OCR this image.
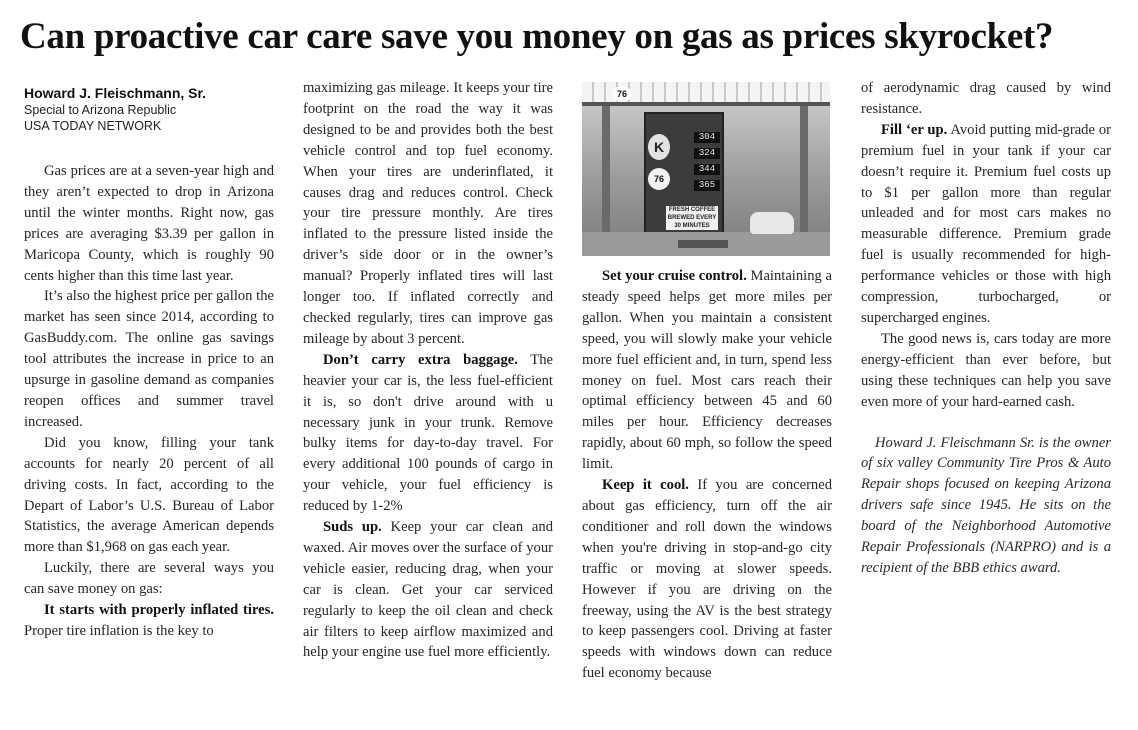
Can proactive car care save you money on gas as prices skyrocket?
Howard J. Fleischmann, Sr.
Special to Arizona Republic
USA TODAY NETWORK

Gas prices are at a seven-year high and they aren’t expected to drop in Arizona until the winter months. Right now, gas prices are averaging $3.39 per gallon in Maricopa County, which is roughly 90 cents higher than this time last year.

It’s also the highest price per gallon the market has seen since 2014, according to GasBuddy.com. The online gas savings tool attributes the increase in price to an upsurge in gasoline demand as companies reopen offices and summer travel increased.

Did you know, filling your tank accounts for nearly 20 percent of all driving costs. In fact, according to the Depart of Labor’s U.S. Bureau of Labor Statistics, the average American depends more than $1,968 on gas each year.

Luckily, there are several ways you can save money on gas:

It starts with properly inflated tires. Proper tire inflation is the key to

maximizing gas mileage. It keeps your tire footprint on the road the way it was designed to be and provides both the best vehicle control and top fuel economy. When your tires are underinflated, it causes drag and reduces control. Check your tire pressure monthly. Are tires inflated to the pressure listed inside the driver’s side door or in the owner’s manual? Properly inflated tires will last longer too. If inflated correctly and checked regularly, tires can improve gas mileage by about 3 percent.

Don’t carry extra baggage. The heavier your car is, the less fuel-efficient it is, so don't drive around with u necessary junk in your trunk. Remove bulky items for day-to-day travel. For every additional 100 pounds of cargo in your vehicle, your fuel efficiency is reduced by 1-2%

Suds up. Keep your car clean and waxed. Air moves over the surface of your vehicle easier, reducing drag, when your car is clean. Get your car serviced regularly to keep the oil clean and check air filters to keep airflow maximized and help your engine use fuel more efficiently.

76
K
76
304
324
344
365
FRESH COFFEE BREWED EVERY 30 MINUTES

Set your cruise control. Maintaining a steady speed helps get more miles per gallon. When you maintain a consistent speed, you will slowly make your vehicle more fuel efficient and, in turn, spend less money on fuel. Most cars reach their optimal efficiency between 45 and 60 miles per hour. Efficiency decreases rapidly, about 60 mph, so follow the speed limit.

Keep it cool. If you are concerned about gas efficiency, turn off the air conditioner and roll down the windows when you're driving in stop-and-go city traffic or moving at slower speeds. However if you are driving on the freeway, using the AV is the best strategy to keep passengers cool. Driving at faster speeds with windows down can reduce fuel economy because

of aerodynamic drag caused by wind resistance.

Fill ‘er up. Avoid putting mid-grade or premium fuel in your tank if your car doesn’t require it. Premium fuel costs up to $1 per gallon more than regular unleaded and for most cars makes no measurable difference. Premium grade fuel is usually recommended for high-performance vehicles or those with high compression, turbocharged, or supercharged engines.

The good news is, cars today are more energy-efficient than ever before, but using these techniques can help you save even more of your hard-earned cash.

Howard J. Fleischmann Sr. is the owner of six valley Community Tire Pros & Auto Repair shops focused on keeping Arizona drivers safe since 1945. He sits on the board of the Neighborhood Automotive Repair Professionals (NARPRO) and is a recipient of the BBB ethics award.
